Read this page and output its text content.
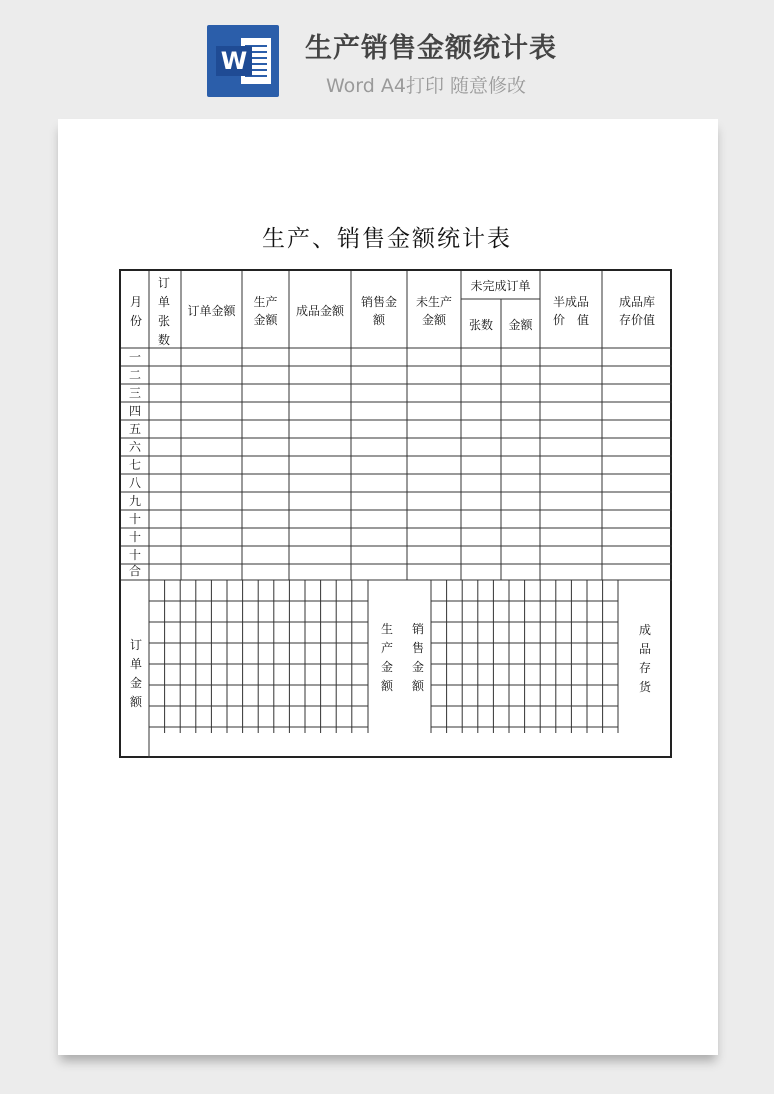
W 生产销售金额统计表
Word A4打印 随意修改
生产、销售金额统计表
月份
订单张数
订单金额
生产
金额
成品金额
销售金
额
未生产
金额
未完成订单
张数	金额
半成品
价　值
成品库
存价值
一
二
三
四
五
六
七
八
九
十
十
十
合
订单金额
生产金额
销售金额
成品存货
